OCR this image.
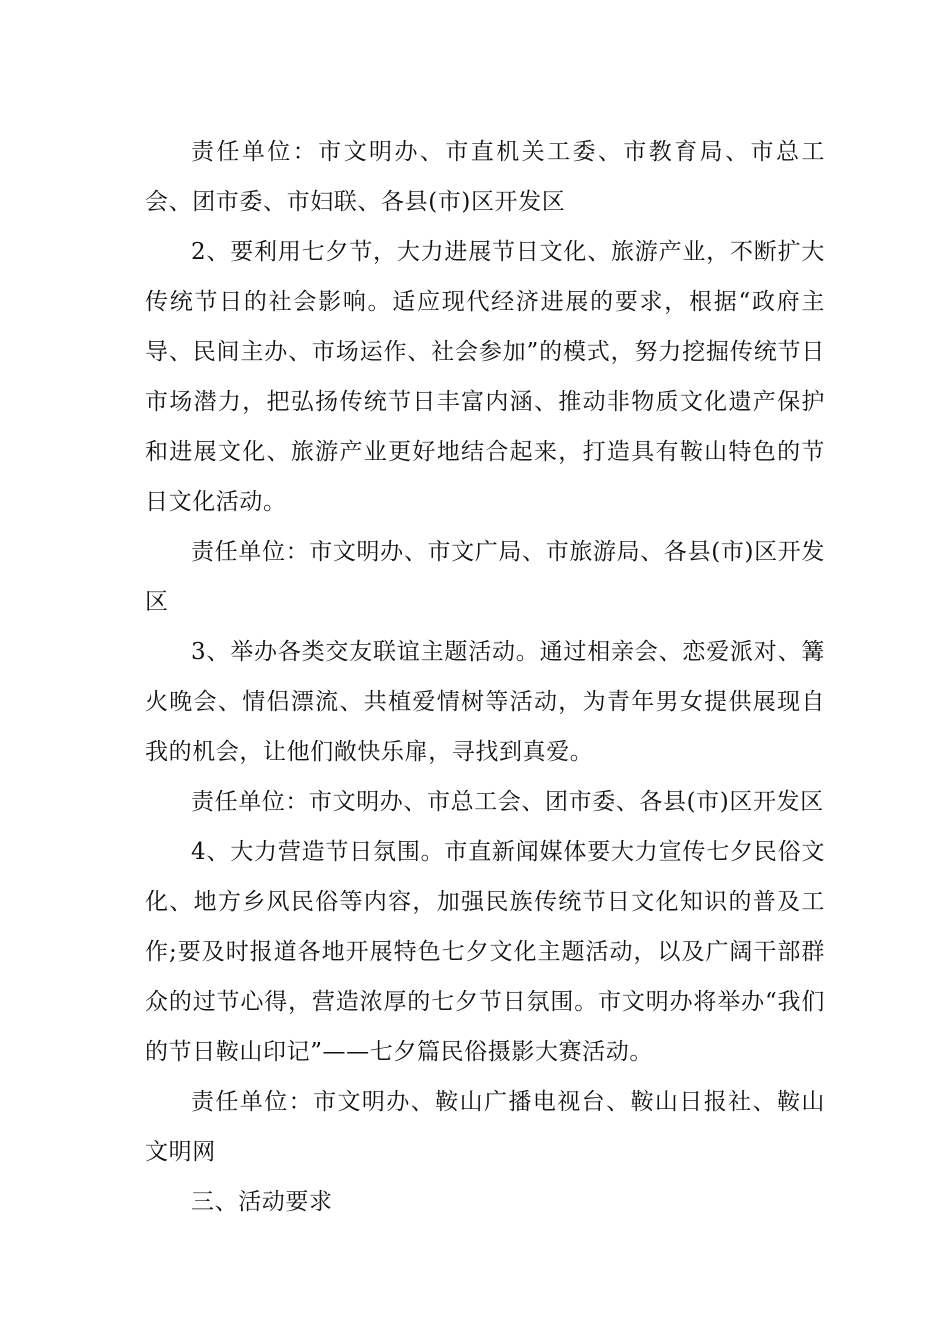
责任单位：市文明办、市直机关工委、市教育局、市总工会、团市委、市妇联、各县(市)区开发区

2、要利用七夕节，大力进展节日文化、旅游产业，不断扩大传统节日的社会影响。适应现代经济进展的要求，根据“政府主导、民间主办、市场运作、社会参加”的模式，努力挖掘传统节日市场潜力，把弘扬传统节日丰富内涵、推动非物质文化遗产保护和进展文化、旅游产业更好地结合起来，打造具有鞍山特色的节日文化活动。

责任单位：市文明办、市文广局、市旅游局、各县(市)区开发区

3、举办各类交友联谊主题活动。通过相亲会、恋爱派对、篝火晚会、情侣漂流、共植爱情树等活动，为青年男女提供展现自我的机会，让他们敞快乐扉，寻找到真爱。

责任单位：市文明办、市总工会、团市委、各县(市)区开发区

4、大力营造节日氛围。市直新闻媒体要大力宣传七夕民俗文化、地方乡风民俗等内容，加强民族传统节日文化知识的普及工作;要及时报道各地开展特色七夕文化主题活动，以及广阔干部群众的过节心得，营造浓厚的七夕节日氛围。市文明办将举办“我们的节日鞍山印记”——七夕篇民俗摄影大赛活动。

责任单位：市文明办、鞍山广播电视台、鞍山日报社、鞍山文明网

三、活动要求
